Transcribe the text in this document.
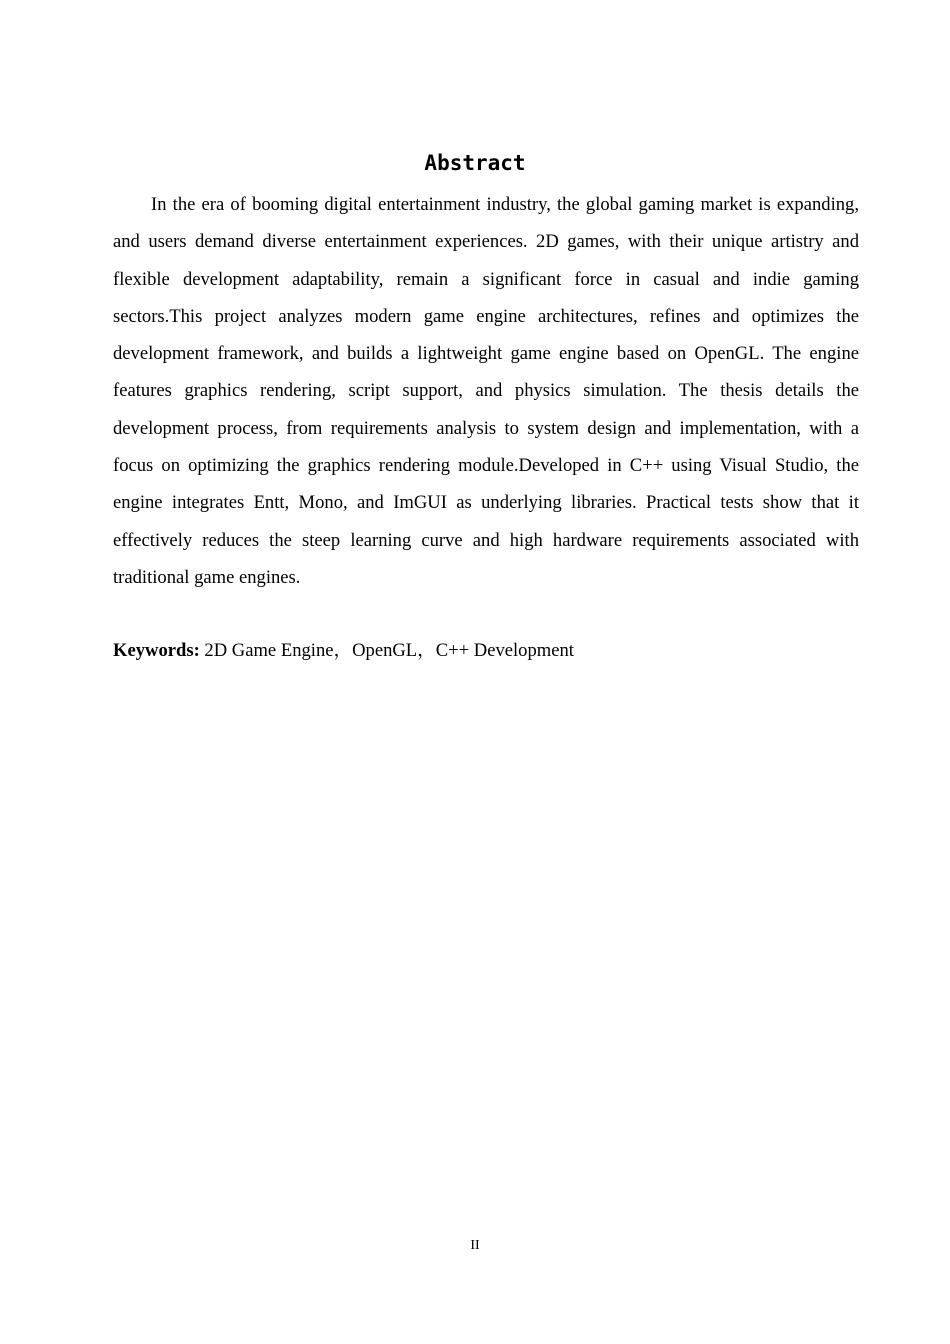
Abstract

In the era of booming digital entertainment industry, the global gaming market is expanding, and users demand diverse entertainment experiences. 2D games, with their unique artistry and flexible development adaptability, remain a significant force in casual and indie gaming sectors.This project analyzes modern game engine architectures, refines and optimizes the development framework, and builds a lightweight game engine based on OpenGL. The engine features graphics rendering, script support, and physics simulation. The thesis details the development process, from requirements analysis to system design and implementation, with a focus on optimizing the graphics rendering module.Developed in C++ using Visual Studio, the engine integrates Entt, Mono, and ImGUI as underlying libraries. Practical tests show that it effectively reduces the steep learning curve and high hardware requirements associated with traditional game engines.

Keywords: 2D Game Engine，OpenGL，C++ Development

II
